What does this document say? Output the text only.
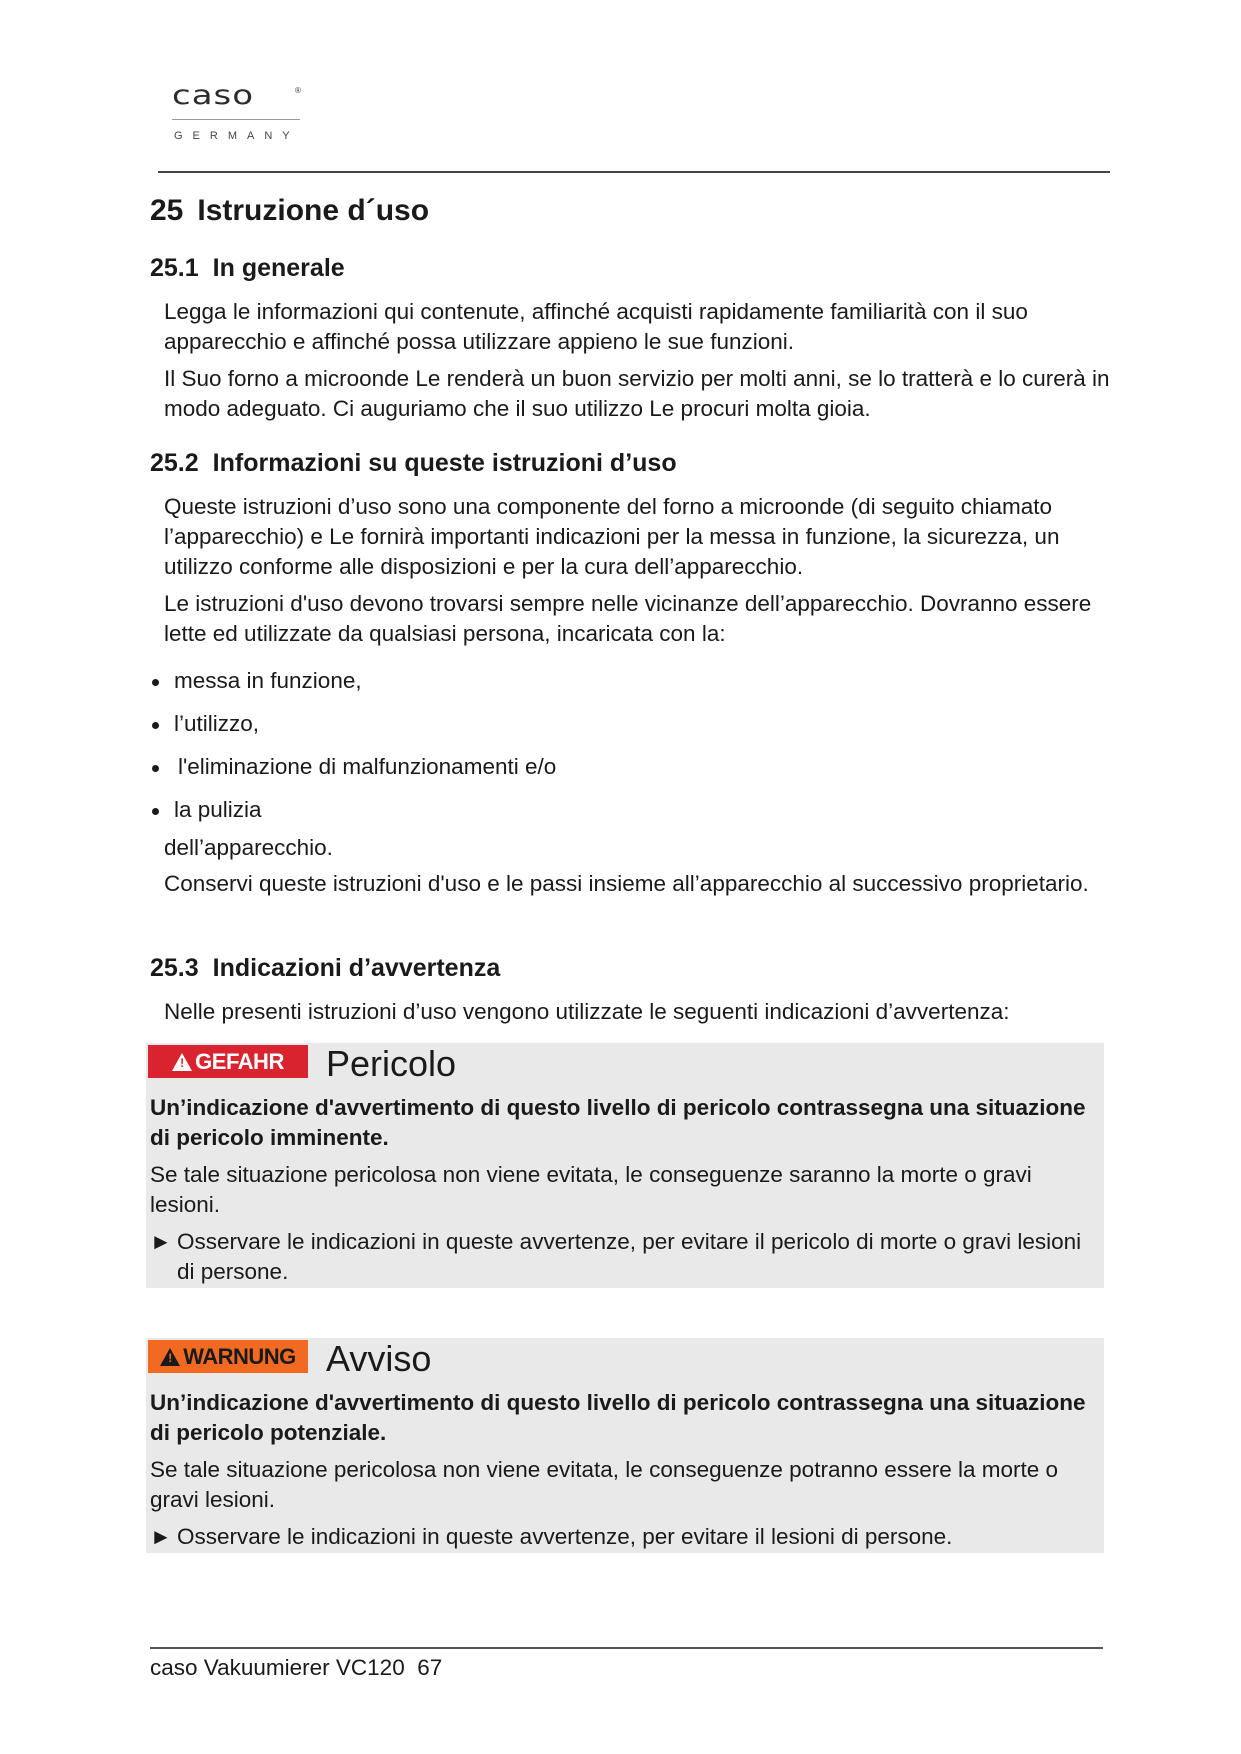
caso	®
GERMANY
25 Istruzione d´uso
25.1 In generale

Legga le informazioni qui contenute, affinché acquisti rapidamente familiarità con il suo apparecchio e affinché possa utilizzare appieno le sue funzioni.

Il Suo forno a microonde Le renderà un buon servizio per molti anni, se lo tratterà e lo curerà in modo adeguato. Ci auguriamo che il suo utilizzo Le procuri molta gioia.

25.2 Informazioni su queste istruzioni d’uso

Queste istruzioni d’uso sono una componente del forno a microonde (di seguito chiamato l’apparecchio) e Le fornirà importanti indicazioni per la messa in funzione, la sicurezza, un utilizzo conforme alle disposizioni e per la cura dell’apparecchio.

Le istruzioni d'uso devono trovarsi sempre nelle vicinanze dell’apparecchio. Dovranno essere lette ed utilizzate da qualsiasi persona, incaricata con la:

messa in funzione,
l’utilizzo,
l'eliminazione di malfunzionamenti e/o
la pulizia

dell’apparecchio.

Conservi queste istruzioni d'uso e le passi insieme all’apparecchio al successivo proprietario.

25.3 Indicazioni d’avvertenza

Nelle presenti istruzioni d’uso vengono utilizzate le seguenti indicazioni d’avvertenza:

!
GEFAHR Pericolo

Un’indicazione d'avvertimento di questo livello di pericolo contrassegna una situazione di pericolo imminente.

Se tale situazione pericolosa non viene evitata, le conseguenze saranno la morte o gravi lesioni.

► Osservare le indicazioni in queste avvertenze, per evitare il pericolo di morte o gravi lesioni di persone.

!
WARNUNG Avviso

Un’indicazione d'avvertimento di questo livello di pericolo contrassegna una situazione di pericolo potenziale.

Se tale situazione pericolosa non viene evitata, le conseguenze potranno essere la morte o gravi lesioni.

► Osservare le indicazioni in queste avvertenze, per evitare il lesioni di persone.

caso Vakuumierer VC120 67
